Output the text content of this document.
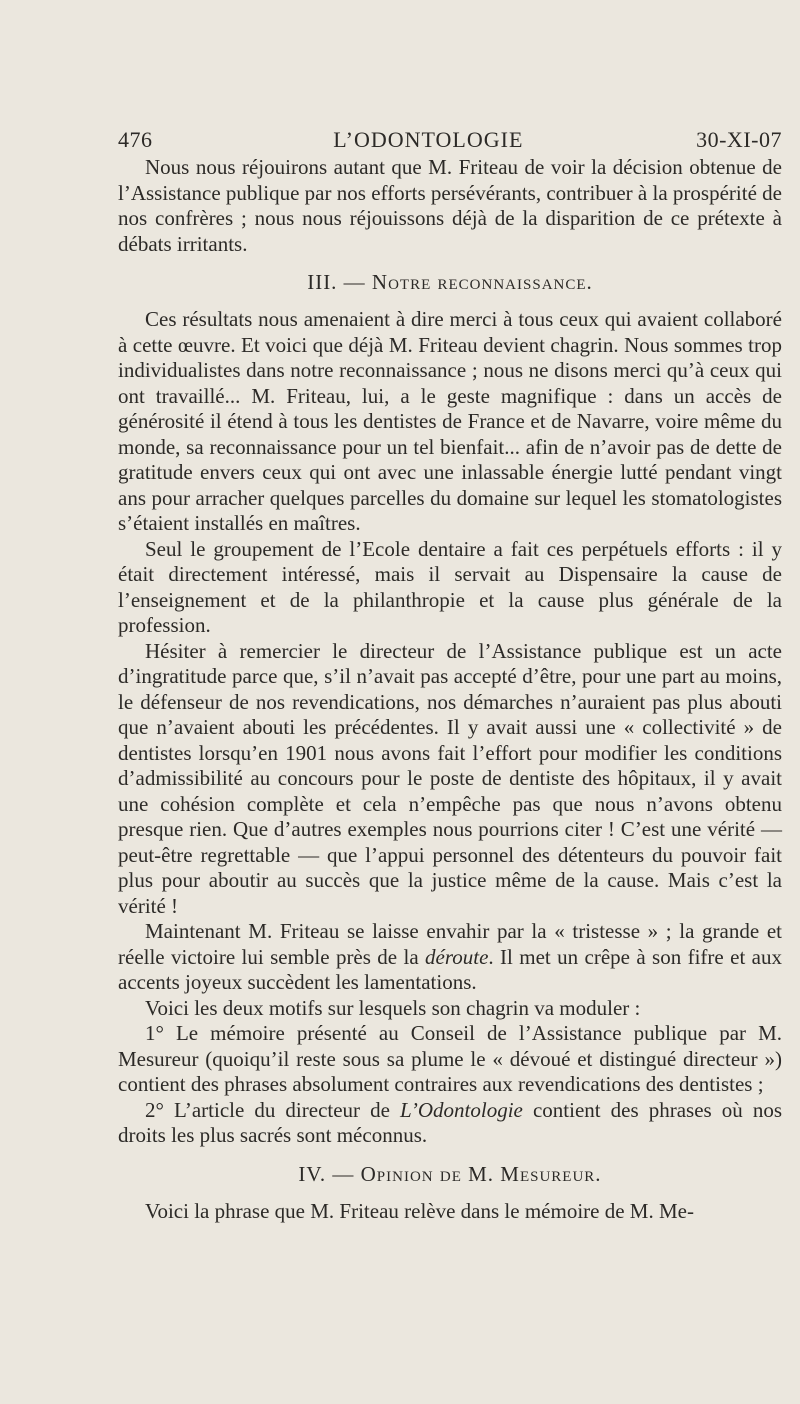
476	L’ODONTOLOGIE	30-XI-07

Nous nous réjouirons autant que M. Friteau de voir la décision obtenue de l’Assistance publique par nos efforts persévérants, contribuer à la prospérité de nos confrères ; nous nous réjouissons déjà de la disparition de ce prétexte à débats irritants.

III. — Notre reconnaissance.

Ces résultats nous amenaient à dire merci à tous ceux qui avaient collaboré à cette œuvre. Et voici que déjà M. Friteau devient chagrin. Nous sommes trop individualistes dans notre reconnaissance ; nous ne disons merci qu’à ceux qui ont travaillé... M. Friteau, lui, a le geste magnifique : dans un accès de générosité il étend à tous les dentistes de France et de Navarre, voire même du monde, sa reconnaissance pour un tel bienfait... afin de n’avoir pas de dette de gratitude envers ceux qui ont avec une inlassable énergie lutté pendant vingt ans pour arracher quelques parcelles du domaine sur lequel les stomatologistes s’étaient installés en maîtres.

Seul le groupement de l’Ecole dentaire a fait ces perpétuels efforts : il y était directement intéressé, mais il servait au Dispensaire la cause de l’enseignement et de la philanthropie et la cause plus générale de la profession.

Hésiter à remercier le directeur de l’Assistance publique est un acte d’ingratitude parce que, s’il n’avait pas accepté d’être, pour une part au moins, le défenseur de nos revendications, nos démarches n’auraient pas plus abouti que n’avaient abouti les précédentes. Il y avait aussi une « collectivité » de dentistes lorsqu’en 1901 nous avons fait l’effort pour modifier les conditions d’admissibilité au concours pour le poste de dentiste des hôpitaux, il y avait une cohésion complète et cela n’empêche pas que nous n’avons obtenu presque rien. Que d’autres exemples nous pourrions citer ! C’est une vérité — peut-être regrettable — que l’appui personnel des détenteurs du pouvoir fait plus pour aboutir au succès que la justice même de la cause. Mais c’est la vérité !

Maintenant M. Friteau se laisse envahir par la « tristesse » ; la grande et réelle victoire lui semble près de la déroute. Il met un crêpe à son fifre et aux accents joyeux succèdent les lamentations.

Voici les deux motifs sur lesquels son chagrin va moduler :

1° Le mémoire présenté au Conseil de l’Assistance publique par M. Mesureur (quoiqu’il reste sous sa plume le « dévoué et distingué directeur ») contient des phrases absolument contraires aux revendications des dentistes ;

2° L’article du directeur de L’Odontologie contient des phrases où nos droits les plus sacrés sont méconnus.

IV. — Opinion de M. Mesureur.

Voici la phrase que M. Friteau relève dans le mémoire de M. Me-
